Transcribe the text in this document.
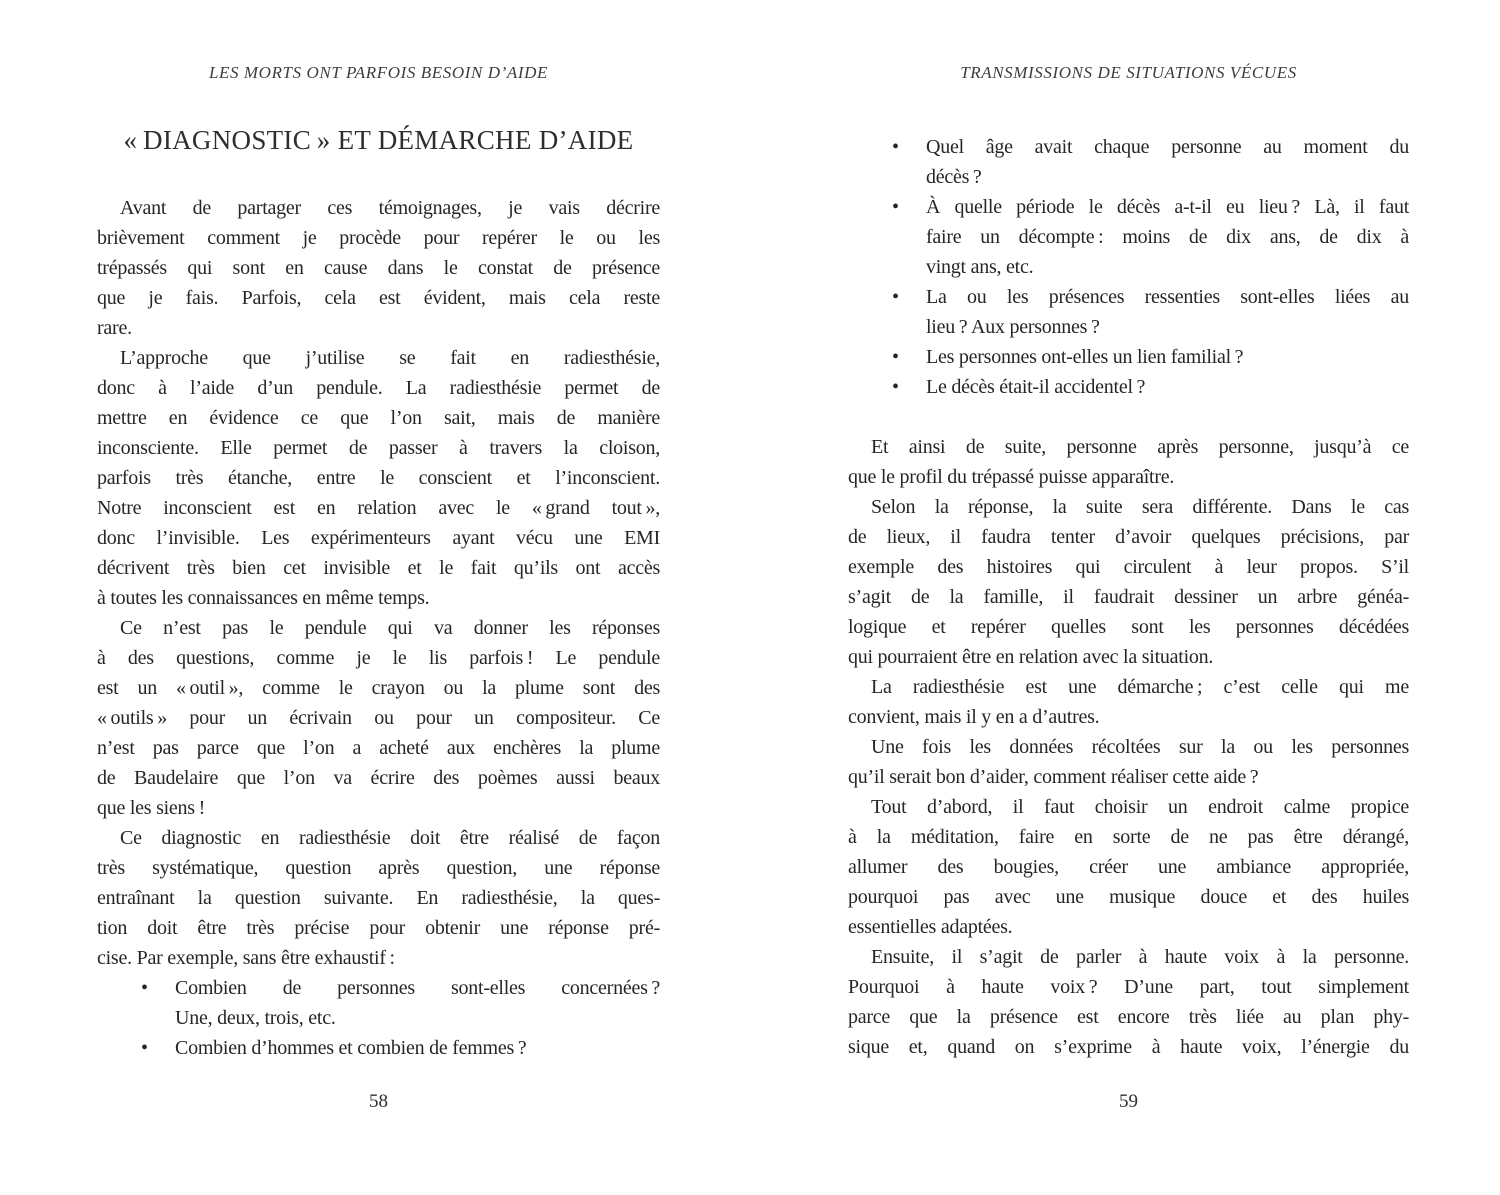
LES MORTS ONT PARFOIS BESOIN D’AIDE
« DIAGNOSTIC » ET DÉMARCHE D’AIDE
Avant de partager ces témoignages, je vais décrire
brièvement comment je procède pour repérer le ou les
trépassés qui sont en cause dans le constat de présence
que je fais. Parfois, cela est évident, mais cela reste
rare.
L’approche que j’utilise se fait en radiesthésie,
donc à l’aide d’un pendule. La radiesthésie permet de
mettre en évidence ce que l’on sait, mais de manière
inconsciente. Elle permet de passer à travers la cloison,
parfois très étanche, entre le conscient et l’inconscient.
Notre inconscient est en relation avec le « grand tout »,
donc l’invisible. Les expérimenteurs ayant vécu une EMI
décrivent très bien cet invisible et le fait qu’ils ont accès
à toutes les connaissances en même temps.
Ce n’est pas le pendule qui va donner les réponses
à des questions, comme je le lis parfois ! Le pendule
est un « outil », comme le crayon ou la plume sont des
« outils » pour un écrivain ou pour un compositeur. Ce
n’est pas parce que l’on a acheté aux enchères la plume
de Baudelaire que l’on va écrire des poèmes aussi beaux
que les siens !
Ce diagnostic en radiesthésie doit être réalisé de façon
très systématique, question après question, une réponse
entraînant la question suivante. En radiesthésie, la ques-
tion doit être très précise pour obtenir une réponse pré-
cise. Par exemple, sans être exhaustif :
• Combien de personnes sont-elles concernées ?
Une, deux, trois, etc.
• Combien d’hommes et combien de femmes ?
58
TRANSMISSIONS DE SITUATIONS VÉCUES
• Quel âge avait chaque personne au moment du
décès ?
• À quelle période le décès a-t-il eu lieu ? Là, il faut
faire un décompte : moins de dix ans, de dix à
vingt ans, etc.
• La ou les présences ressenties sont-elles liées au
lieu ? Aux personnes ?
• Les personnes ont-elles un lien familial ?
• Le décès était-il accidentel ?
Et ainsi de suite, personne après personne, jusqu’à ce
que le profil du trépassé puisse apparaître.
Selon la réponse, la suite sera différente. Dans le cas
de lieux, il faudra tenter d’avoir quelques précisions, par
exemple des histoires qui circulent à leur propos. S’il
s’agit de la famille, il faudrait dessiner un arbre généa-
logique et repérer quelles sont les personnes décédées
qui pourraient être en relation avec la situation.
La radiesthésie est une démarche ; c’est celle qui me
convient, mais il y en a d’autres.
Une fois les données récoltées sur la ou les personnes
qu’il serait bon d’aider, comment réaliser cette aide ?
Tout d’abord, il faut choisir un endroit calme propice
à la méditation, faire en sorte de ne pas être dérangé,
allumer des bougies, créer une ambiance appropriée,
pourquoi pas avec une musique douce et des huiles
essentielles adaptées.
Ensuite, il s’agit de parler à haute voix à la personne.
Pourquoi à haute voix ? D’une part, tout simplement
parce que la présence est encore très liée au plan phy-
sique et, quand on s’exprime à haute voix, l’énergie du
59
